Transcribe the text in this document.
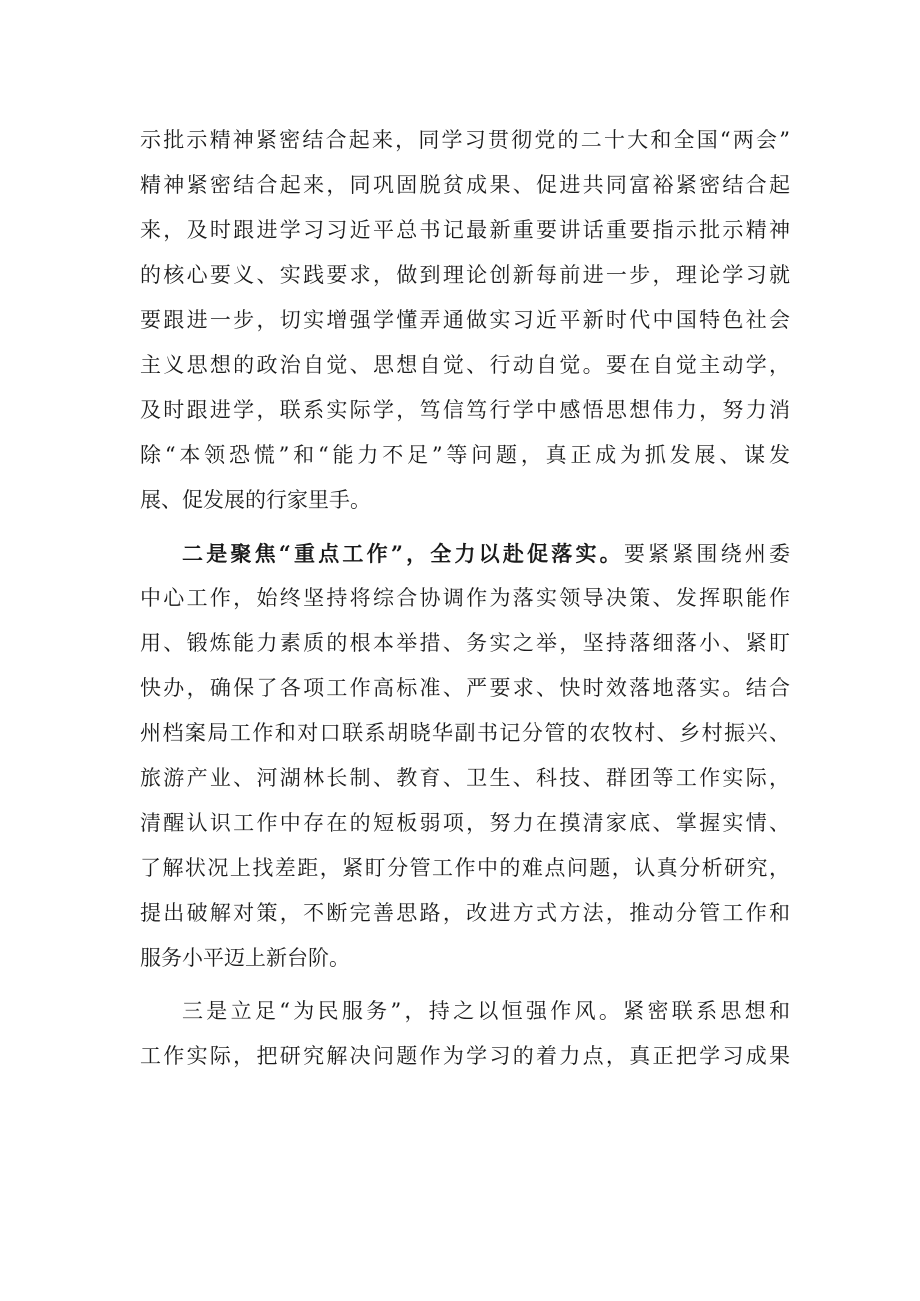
示批示精神紧密结合起来，同学习贯彻党的二十大和全国“两会”
精神紧密结合起来，同巩固脱贫成果、促进共同富裕紧密结合起
来，及时跟进学习习近平总书记最新重要讲话重要指示批示精神
的核心要义、实践要求，做到理论创新每前进一步，理论学习就
要跟进一步，切实增强学懂弄通做实习近平新时代中国特色社会
主义思想的政治自觉、思想自觉、行动自觉。要在自觉主动学，
及时跟进学，联系实际学，笃信笃行学中感悟思想伟力，努力消
除“本领恐慌”和“能力不足”等问题，真正成为抓发展、谋发
展、促发展的行家里手。
二是聚焦“重点工作”，全力以赴促落实。要紧紧围绕州委
中心工作，始终坚持将综合协调作为落实领导决策、发挥职能作
用、锻炼能力素质的根本举措、务实之举，坚持落细落小、紧盯
快办，确保了各项工作高标准、严要求、快时效落地落实。结合
州档案局工作和对口联系胡晓华副书记分管的农牧村、乡村振兴、
旅游产业、河湖林长制、教育、卫生、科技、群团等工作实际，
清醒认识工作中存在的短板弱项，努力在摸清家底、掌握实情、
了解状况上找差距，紧盯分管工作中的难点问题，认真分析研究，
提出破解对策，不断完善思路，改进方式方法，推动分管工作和
服务小平迈上新台阶。
三是立足“为民服务”，持之以恒强作风。紧密联系思想和
工作实际，把研究解决问题作为学习的着力点，真正把学习成果
